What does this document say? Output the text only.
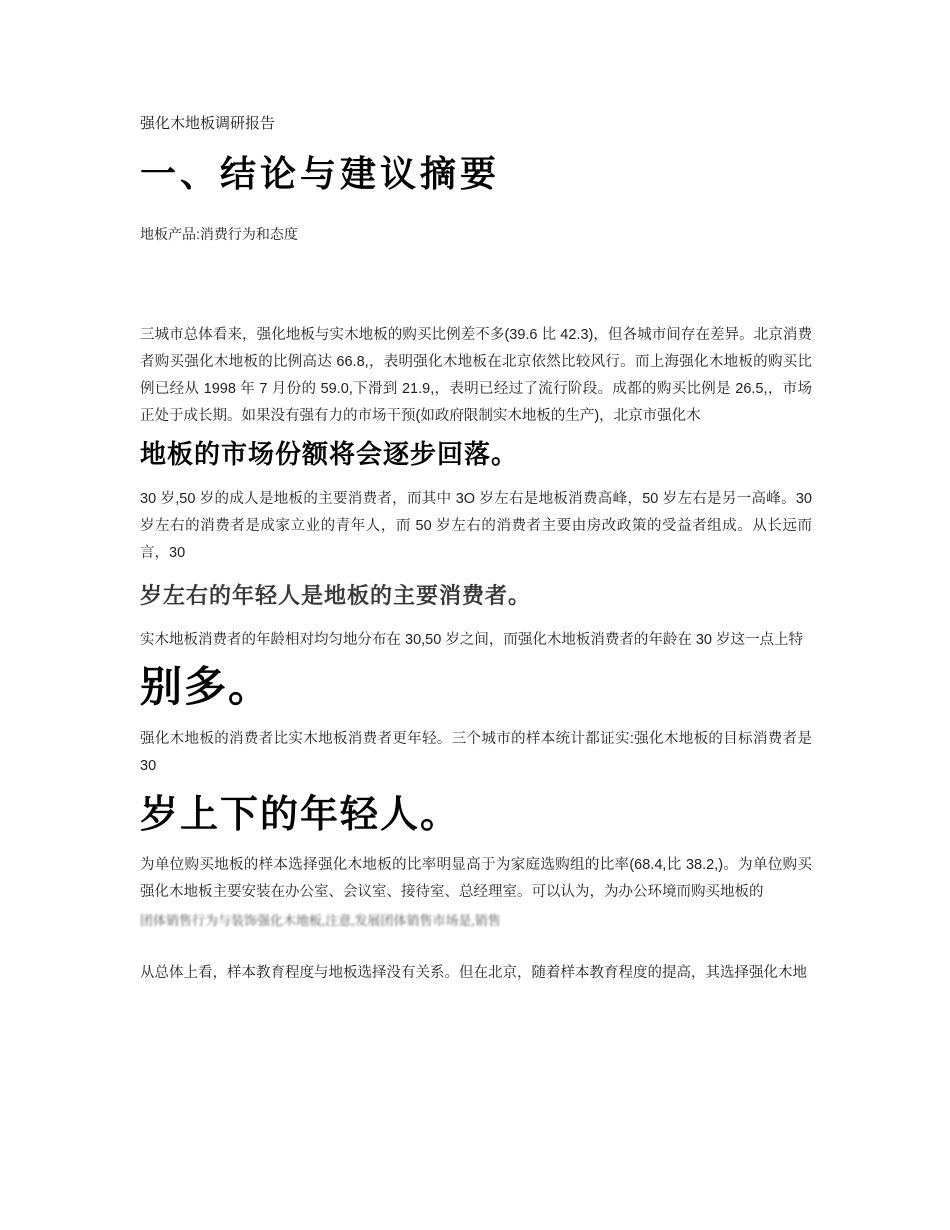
强化木地板调研报告
一、结论与建议摘要
地板产品:消费行为和态度

三城市总体看来，强化地板与实木地板的购买比例差不多(39.6 比 42.3)，但各城市间存在差异。北京消费者购买强化木地板的比例高达 66.8,，表明强化木地板在北京依然比较风行。而上海强化木地板的购买比例已经从 1998 年 7 月份的 59.0,下滑到 21.9,，表明已经过了流行阶段。成都的购买比例是 26.5,，市场正处于成长期。如果没有强有力的市场干预(如政府限制实木地板的生产)，北京市强化木

地板的市场份额将会逐步回落。

30 岁,50 岁的成人是地板的主要消费者，而其中 3O 岁左右是地板消费高峰，50 岁左右是另一高峰。30 岁左右的消费者是成家立业的青年人，而 50 岁左右的消费者主要由房改政策的受益者组成。从长远而言，30

岁左右的年轻人是地板的主要消费者。

实木地板消费者的年龄相对均匀地分布在 30,50 岁之间，而强化木地板消费者的年龄在 30 岁这一点上特

别多。

强化木地板的消费者比实木地板消费者更年轻。三个城市的样本统计都证实:强化木地板的目标消费者是 30

岁上下的年轻人。

为单位购买地板的样本选择强化木地板的比率明显高于为家庭选购组的比率(68.4,比 38.2,)。为单位购买强化木地板主要安装在办公室、会议室、接待室、总经理室。可以认为，为办公环境而购买地板的

团体销售行为与装饰强化木地板,注意,发展团体销售市场是,销售

从总体上看，样本教育程度与地板选择没有关系。但在北京，随着样本教育程度的提高，其选择强化木地
